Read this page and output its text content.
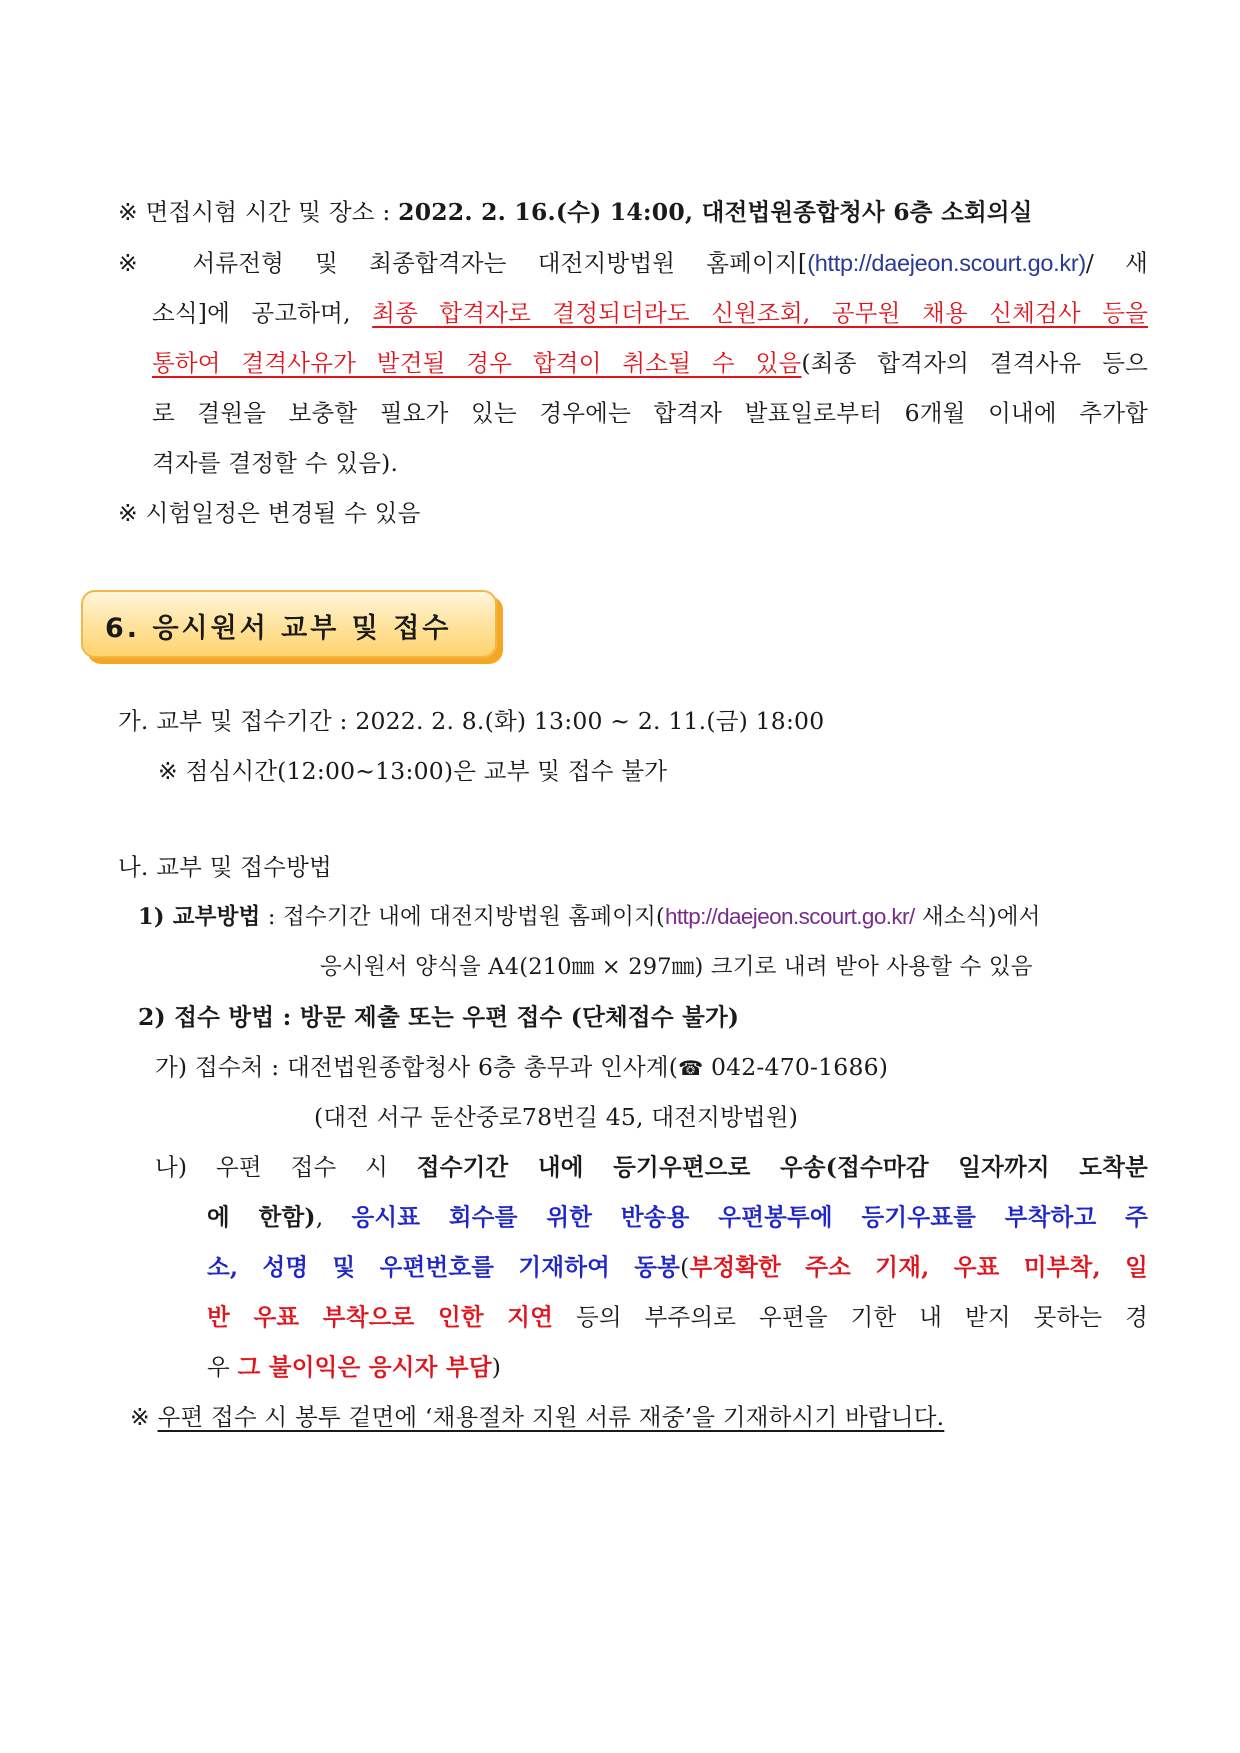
※ 면접시험 시간 및 장소 : 2022. 2. 16.(수) 14:00, 대전법원종합청사 6층 소회의실
※ 서류전형 및 최종합격자는 대전지방법원 홈페이지[(http://daejeon.scourt.go.kr)/ 새
소식]에 공고하며, 최종 합격자로 결정되더라도 신원조회, 공무원 채용 신체검사 등을
통하여 결격사유가 발견될 경우 합격이 취소될 수 있음(최종 합격자의 결격사유 등으
로 결원을 보충할 필요가 있는 경우에는 합격자 발표일로부터 6개월 이내에 추가합
격자를 결정할 수 있음).
※ 시험일정은 변경될 수 있음
6. 응시원서 교부 및 접수
가. 교부 및 접수기간 : 2022. 2. 8.(화) 13:00 ~ 2. 11.(금) 18:00
※ 점심시간(12:00~13:00)은 교부 및 접수 불가
나. 교부 및 접수방법
1) 교부방법 : 접수기간 내에 대전지방법원 홈페이지(http://daejeon.scourt.go.kr/ 새소식)에서
응시원서 양식을 A4(210㎜ × 297㎜) 크기로 내려 받아 사용할 수 있음
2) 접수 방법 : 방문 제출 또는 우편 접수 (단체접수 불가)
가) 접수처 : 대전법원종합청사 6층 총무과 인사계(☎ 042-470-1686)
(대전 서구 둔산중로78번길 45, 대전지방법원)
나) 우편 접수 시 접수기간 내에 등기우편으로 우송(접수마감 일자까지 도착분
에 한함), 응시표 회수를 위한 반송용 우편봉투에 등기우표를 부착하고 주
소, 성명 및 우편번호를 기재하여 동봉(부정확한 주소 기재, 우표 미부착, 일
반 우표 부착으로 인한 지연 등의 부주의로 우편을 기한 내 받지 못하는 경
우 그 불이익은 응시자 부담)
※ 우편 접수 시 봉투 겉면에 ‘채용절차 지원 서류 재중’을 기재하시기 바랍니다.
